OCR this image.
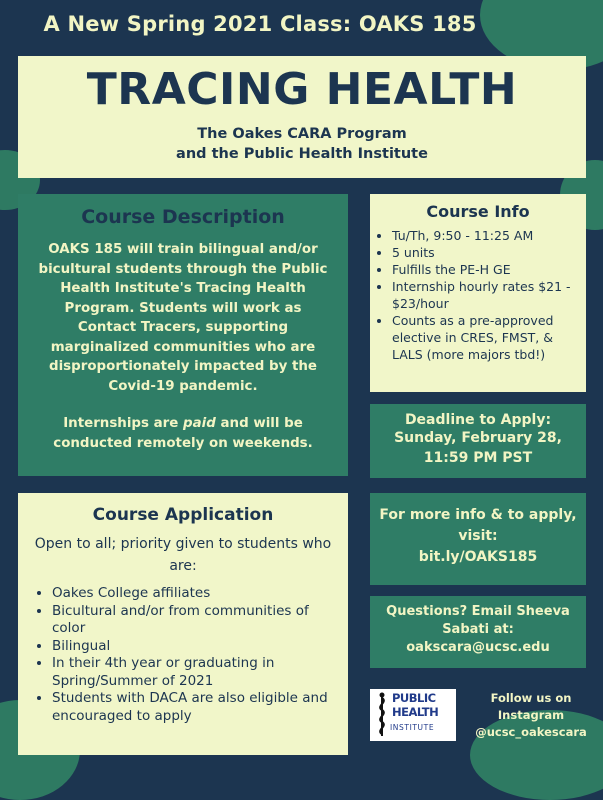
A New Spring 2021 Class: OAKS 185
TRACING HEALTH
The Oakes CARA Program
and the Public Health Institute
Course Description

OAKS 185 will train bilingual and/or bicultural students through the Public Health Institute's Tracing Health Program. Students will work as Contact Tracers, supporting marginalized communities who are disproportionately impacted by the Covid-19 pandemic.

Internships are paid and will be conducted remotely on weekends.

Course Info
• Tu/Th, 9:50 - 11:25 AM
• 5 units
• Fulfills the PE-H GE
• Internship hourly rates $21 - $23/hour
• Counts as a pre-approved elective in CRES, FMST, & LALS (more majors tbd!)
Deadline to Apply:
Sunday, February 28,
11:59 PM PST
Course Application
Open to all; priority given to students who are:
• Oakes College affiliates
• Bicultural and/or from communities of color
• Bilingual
• In their 4th year or graduating in Spring/Summer of 2021
• Students with DACA are also eligible and encouraged to apply
For more info & to apply,
visit:
bit.ly/OAKS185
Questions? Email Sheeva
Sabati at:
oakscara@ucsc.edu
PUBLIC
HEALTH
INSTITUTE
Follow us on
Instagram
@ucsc_oakescara
